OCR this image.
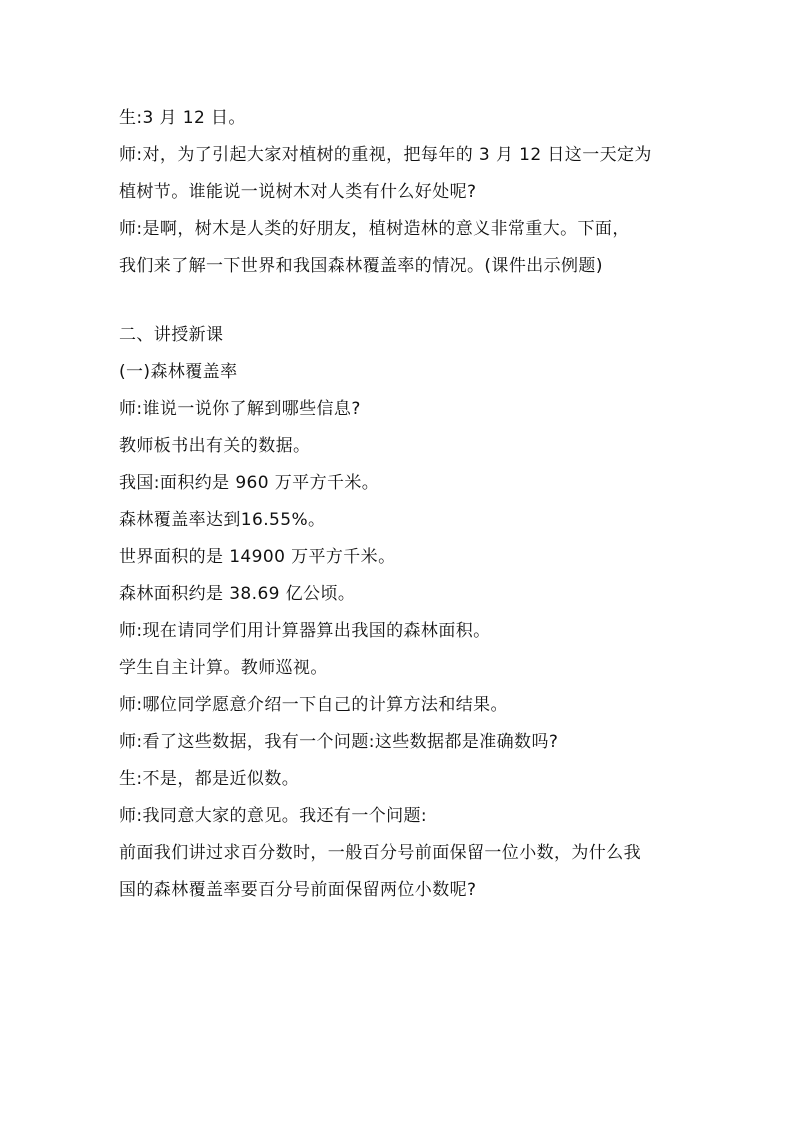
生:3 月 12 日。
师:对，为了引起大家对植树的重视，把每年的 3 月 12 日这一天定为
植树节。谁能说一说树木对人类有什么好处呢?
师:是啊，树木是人类的好朋友，植树造林的意义非常重大。下面，
我们来了解一下世界和我国森林覆盖率的情况。(课件出示例题)
二、讲授新课
(一)森林覆盖率
师:谁说一说你了解到哪些信息?
教师板书出有关的数据。
我国:面积约是 960 万平方千米。
森林覆盖率达到16.55%。
世界面积的是 14900 万平方千米。
森林面积约是 38.69 亿公顷。
师:现在请同学们用计算器算出我国的森林面积。
学生自主计算。教师巡视。
师:哪位同学愿意介绍一下自己的计算方法和结果。
师:看了这些数据，我有一个问题:这些数据都是准确数吗?
生:不是，都是近似数。
师:我同意大家的意见。我还有一个问题:
前面我们讲过求百分数时，一般百分号前面保留一位小数，为什么我
国的森林覆盖率要百分号前面保留两位小数呢?
